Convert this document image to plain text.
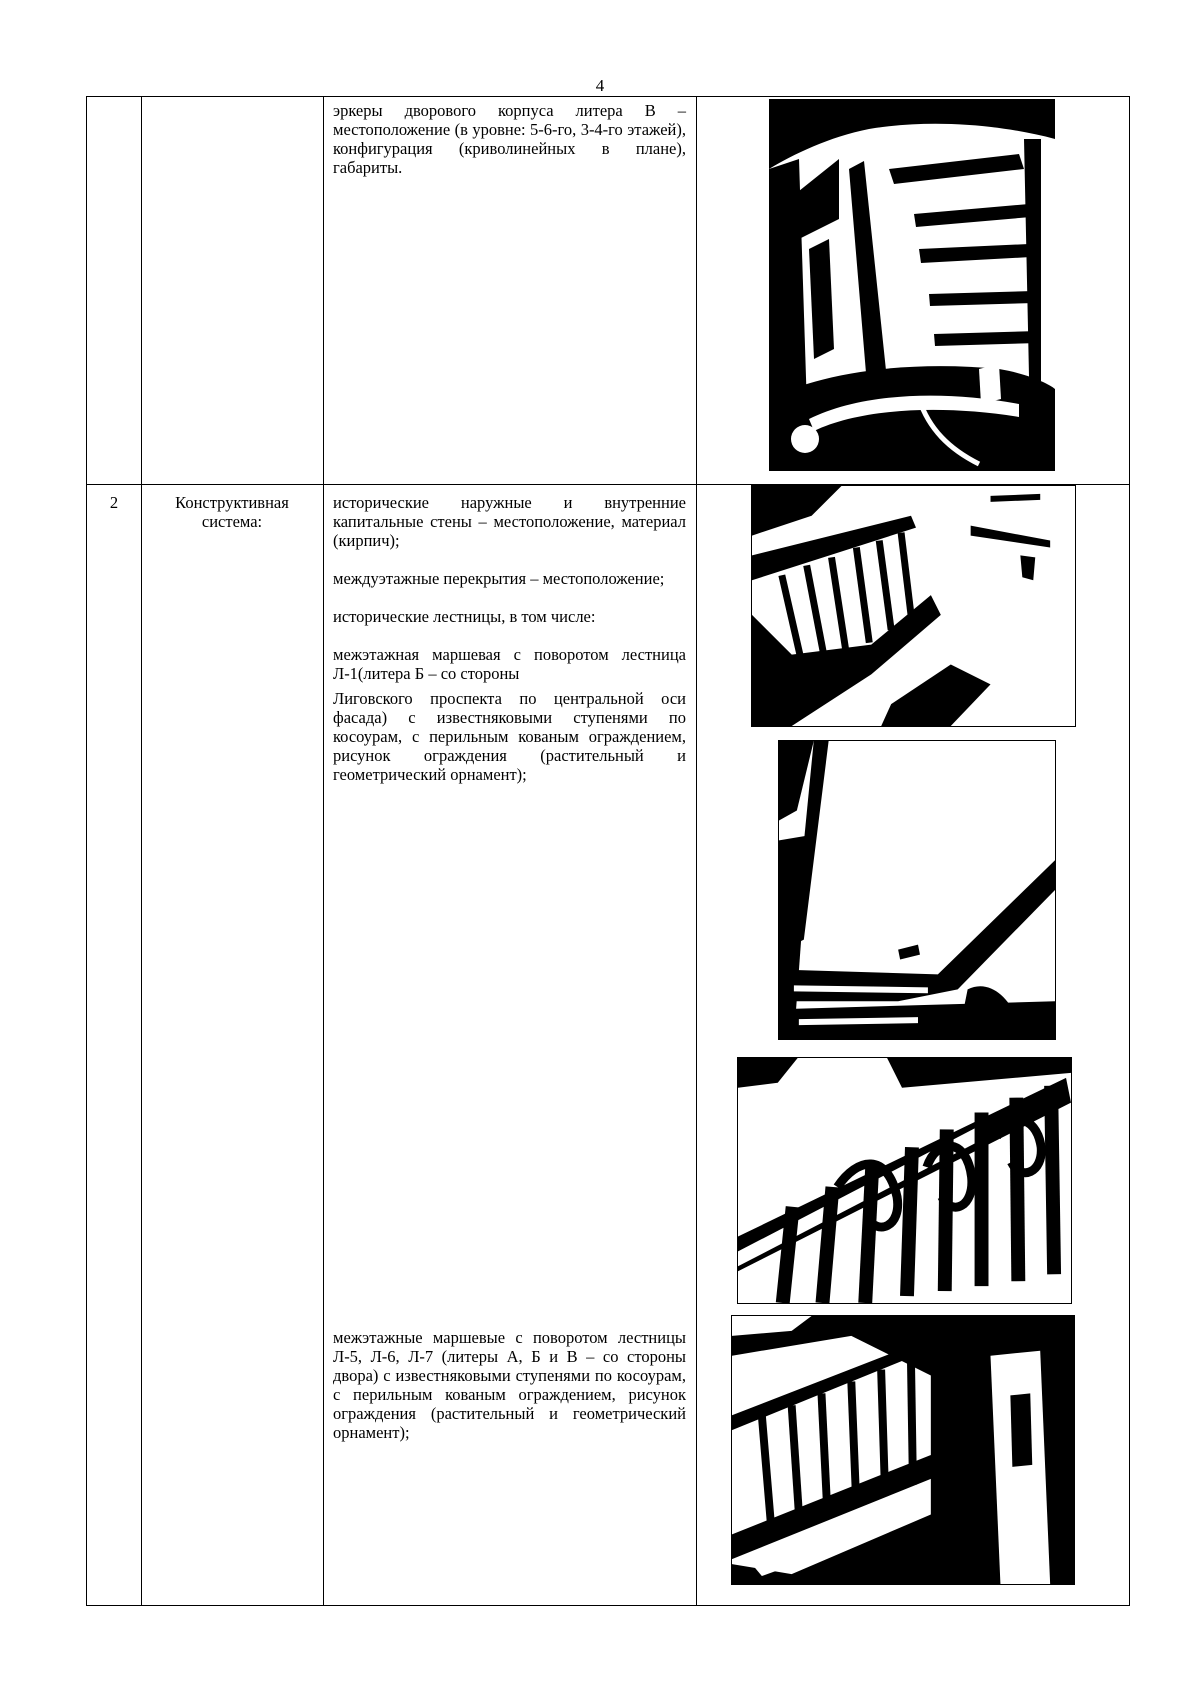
4
эркеры дворового корпуса литера В – местоположение (в уровне: 5-6-го, 3-4-го этажей), конфигурация (криволинейных в плане), габариты.
2	Конструктивная система:
исторические наружные и внутренние капитальные стены – местоположение, материал (кирпич);
междуэтажные перекрытия – местоположение;
исторические лестницы, в том числе:
межэтажная маршевая с поворотом лестница Л-1(литера Б – со стороны
Лиговского проспекта по центральной оси фасада) с известняковыми ступенями по косоурам, с перильным кованым ограждением, рисунок ограждения (растительный и геометрический орнамент);
межэтажные маршевые с поворотом лестницы Л-5, Л-6, Л-7 (литеры А, Б и В – со стороны двора) с известняковыми ступенями по косоурам, с перильным кованым ограждением, рисунок ограждения (растительный и геометрический орнамент);
